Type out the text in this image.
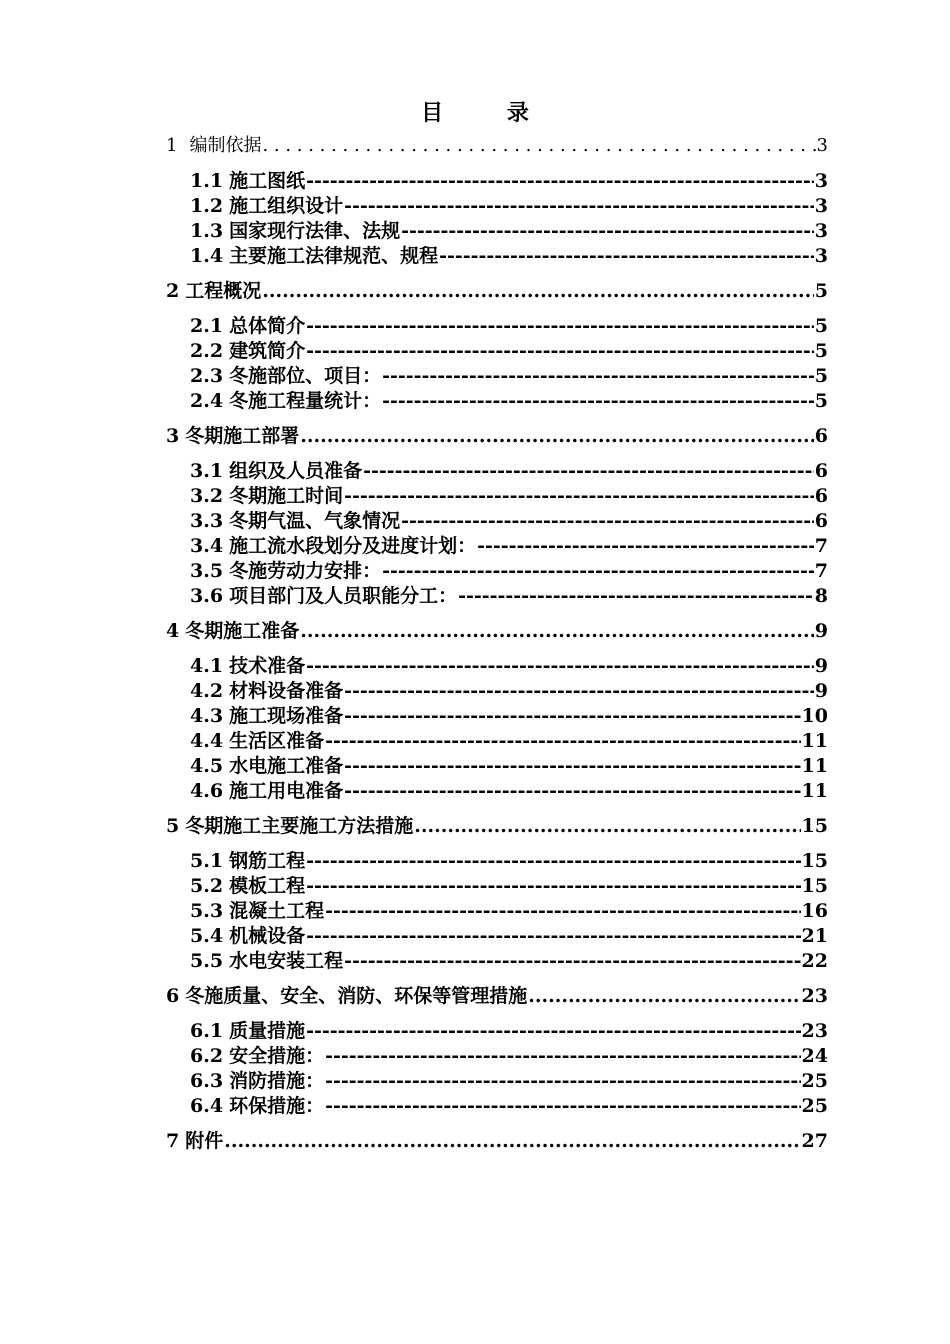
目 录
1 编制依据 . . .	3
1.1 施工图纸 -----	3
1.2 施工组织设计 -----	3
1.3 国家现行法律、法规 -----	3
1.4 主要施工法律规范、规程 -----	3
2 工程概况 .....	5
2.1 总体简介 -----	5
2.2 建筑简介 -----	5
2.3 冬施部位、项目： -----	5
2.4 冬施工程量统计： -----	5
3 冬期施工部署 .....	6
3.1 组织及人员准备 -----	6
3.2 冬期施工时间 -----	6
3.3 冬期气温、气象情况 -----	6
3.4 施工流水段划分及进度计划： -----	7
3.5 冬施劳动力安排： -----	7
3.6 项目部门及人员职能分工： -----	8
4 冬期施工准备 .....	9
4.1 技术准备 -----	9
4.2 材料设备准备 -----	9
4.3 施工现场准备 -----	10
4.4 生活区准备 -----	11
4.5 水电施工准备 -----	11
4.6 施工用电准备 -----	11
5 冬期施工主要施工方法措施 .....	15
5.1 钢筋工程 -----	15
5.2 模板工程 -----	15
5.3 混凝土工程 -----	16
5.4 机械设备 -----	21
5.5 水电安装工程 -----	22
6 冬施质量、安全、消防、环保等管理措施 .....	23
6.1 质量措施 -----	23
6.2 安全措施： -----	24
6.3 消防措施： -----	25
6.4 环保措施： -----	25
7 附件 .....	27
